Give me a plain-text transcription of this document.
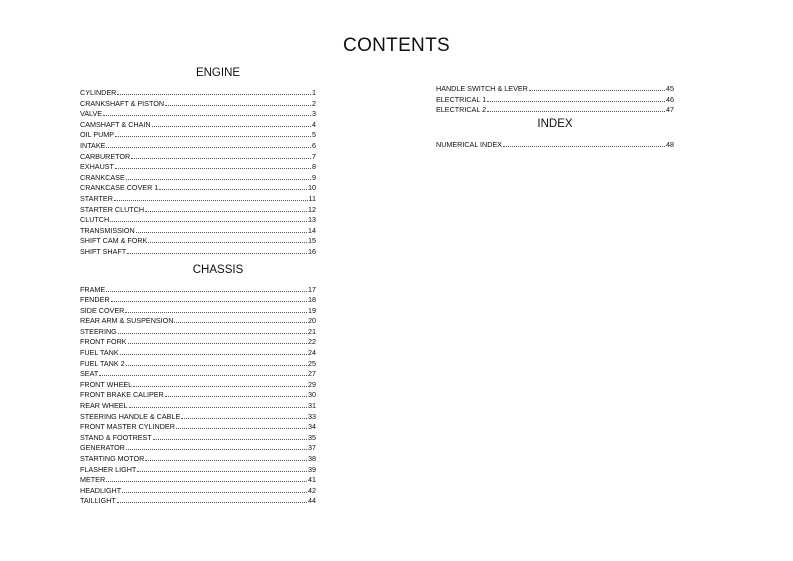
CONTENTS
ENGINE
CYLINDER	1
CRANKSHAFT & PISTON	2
VALVE	3
CAMSHAFT & CHAIN	4
OIL PUMP	5
INTAKE	6
CARBURETOR	7
EXHAUST	8
CRANKCASE	9
CRANKCASE COVER 1	10
STARTER	11
STARTER CLUTCH	12
CLUTCH	13
TRANSMISSION	14
SHIFT CAM & FORK	15
SHIFT SHAFT	16
CHASSIS
FRAME	17
FENDER	18
SIDE COVER	19
REAR ARM & SUSPENSION	20
STEERING	21
FRONT FORK	22
FUEL TANK	24
FUEL TANK 2	25
SEAT	27
FRONT WHEEL	29
FRONT BRAKE CALIPER	30
REAR WHEEL	31
STEERING HANDLE & CABLE	33
FRONT MASTER CYLINDER	34
STAND & FOOTREST	35
GENERATOR	37
STARTING MOTOR	38
FLASHER LIGHT	39
METER	41
HEADLIGHT	42
TAILLIGHT	44
HANDLE SWITCH & LEVER	45
ELECTRICAL 1	46
ELECTRICAL 2	47
INDEX
NUMERICAL INDEX	48
